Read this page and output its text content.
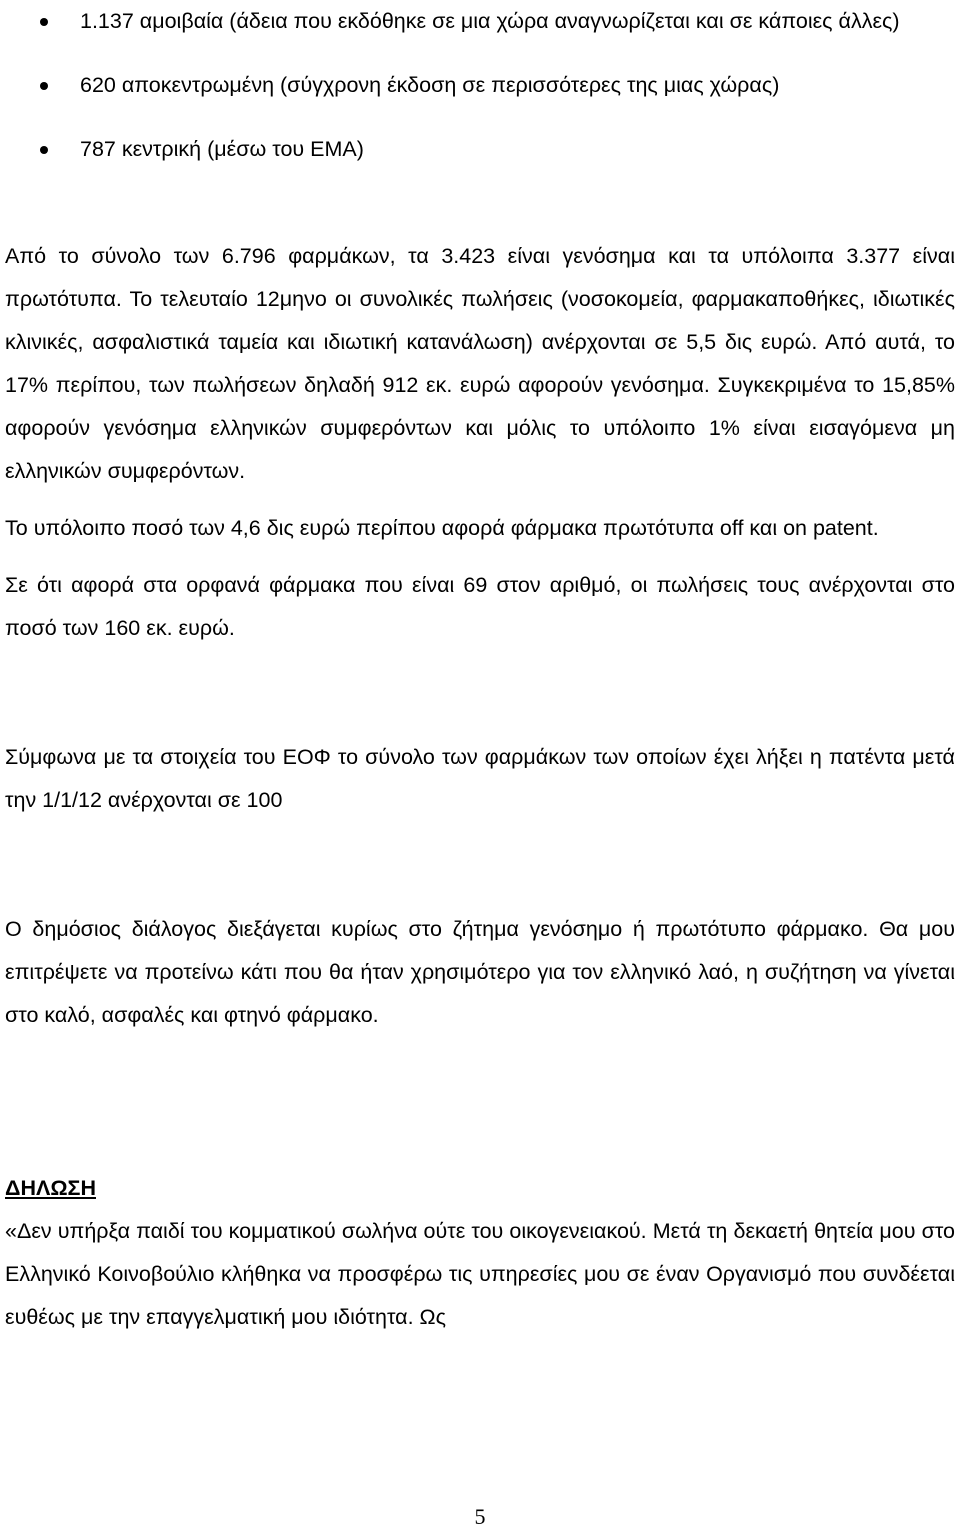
1.137 αμοιβαία (άδεια που εκδόθηκε σε μια χώρα αναγνωρίζεται και σε κάποιες άλλες)
620 αποκεντρωμένη (σύγχρονη έκδοση σε περισσότερες της μιας χώρας)
787 κεντρική (μέσω του ΕΜΑ)

Από το σύνολο των 6.796 φαρμάκων, τα 3.423 είναι γενόσημα και τα υπόλοιπα 3.377 είναι πρωτότυπα. Το τελευταίο 12μηνο οι συνολικές πωλήσεις (νοσοκομεία, φαρμακαποθήκες, ιδιωτικές κλινικές, ασφαλιστικά ταμεία και ιδιωτική κατανάλωση) ανέρχονται σε 5,5 δις ευρώ. Από αυτά, το 17% περίπου, των πωλήσεων δηλαδή 912 εκ. ευρώ αφορούν γενόσημα. Συγκεκριμένα το 15,85% αφορούν γενόσημα ελληνικών συμφερόντων και μόλις το υπόλοιπο 1% είναι εισαγόμενα μη ελληνικών συμφερόντων.

Το υπόλοιπο ποσό των 4,6 δις ευρώ περίπου αφορά φάρμακα πρωτότυπα off και on patent.

Σε ότι αφορά στα ορφανά φάρμακα που είναι 69 στον αριθμό, οι πωλήσεις τους ανέρχονται στο ποσό των 160 εκ. ευρώ.

Σύμφωνα με τα στοιχεία του ΕΟΦ το σύνολο των φαρμάκων των οποίων έχει λήξει η πατέντα μετά την 1/1/12 ανέρχονται σε 100

Ο δημόσιος διάλογος διεξάγεται κυρίως στο ζήτημα γενόσημο ή πρωτότυπο φάρμακο. Θα μου επιτρέψετε να προτείνω κάτι που θα ήταν χρησιμότερο για τον ελληνικό λαό, η συζήτηση να γίνεται στο καλό, ασφαλές και φτηνό φάρμακο.

ΔΗΛΩΣΗ

«Δεν υπήρξα παιδί του κομματικού σωλήνα ούτε του οικογενειακού. Μετά τη δεκαετή θητεία μου στο Ελληνικό Κοινοβούλιο κλήθηκα να προσφέρω τις υπηρεσίες μου σε έναν Οργανισμό που συνδέεται ευθέως με την επαγγελματική μου ιδιότητα. Ως

5
